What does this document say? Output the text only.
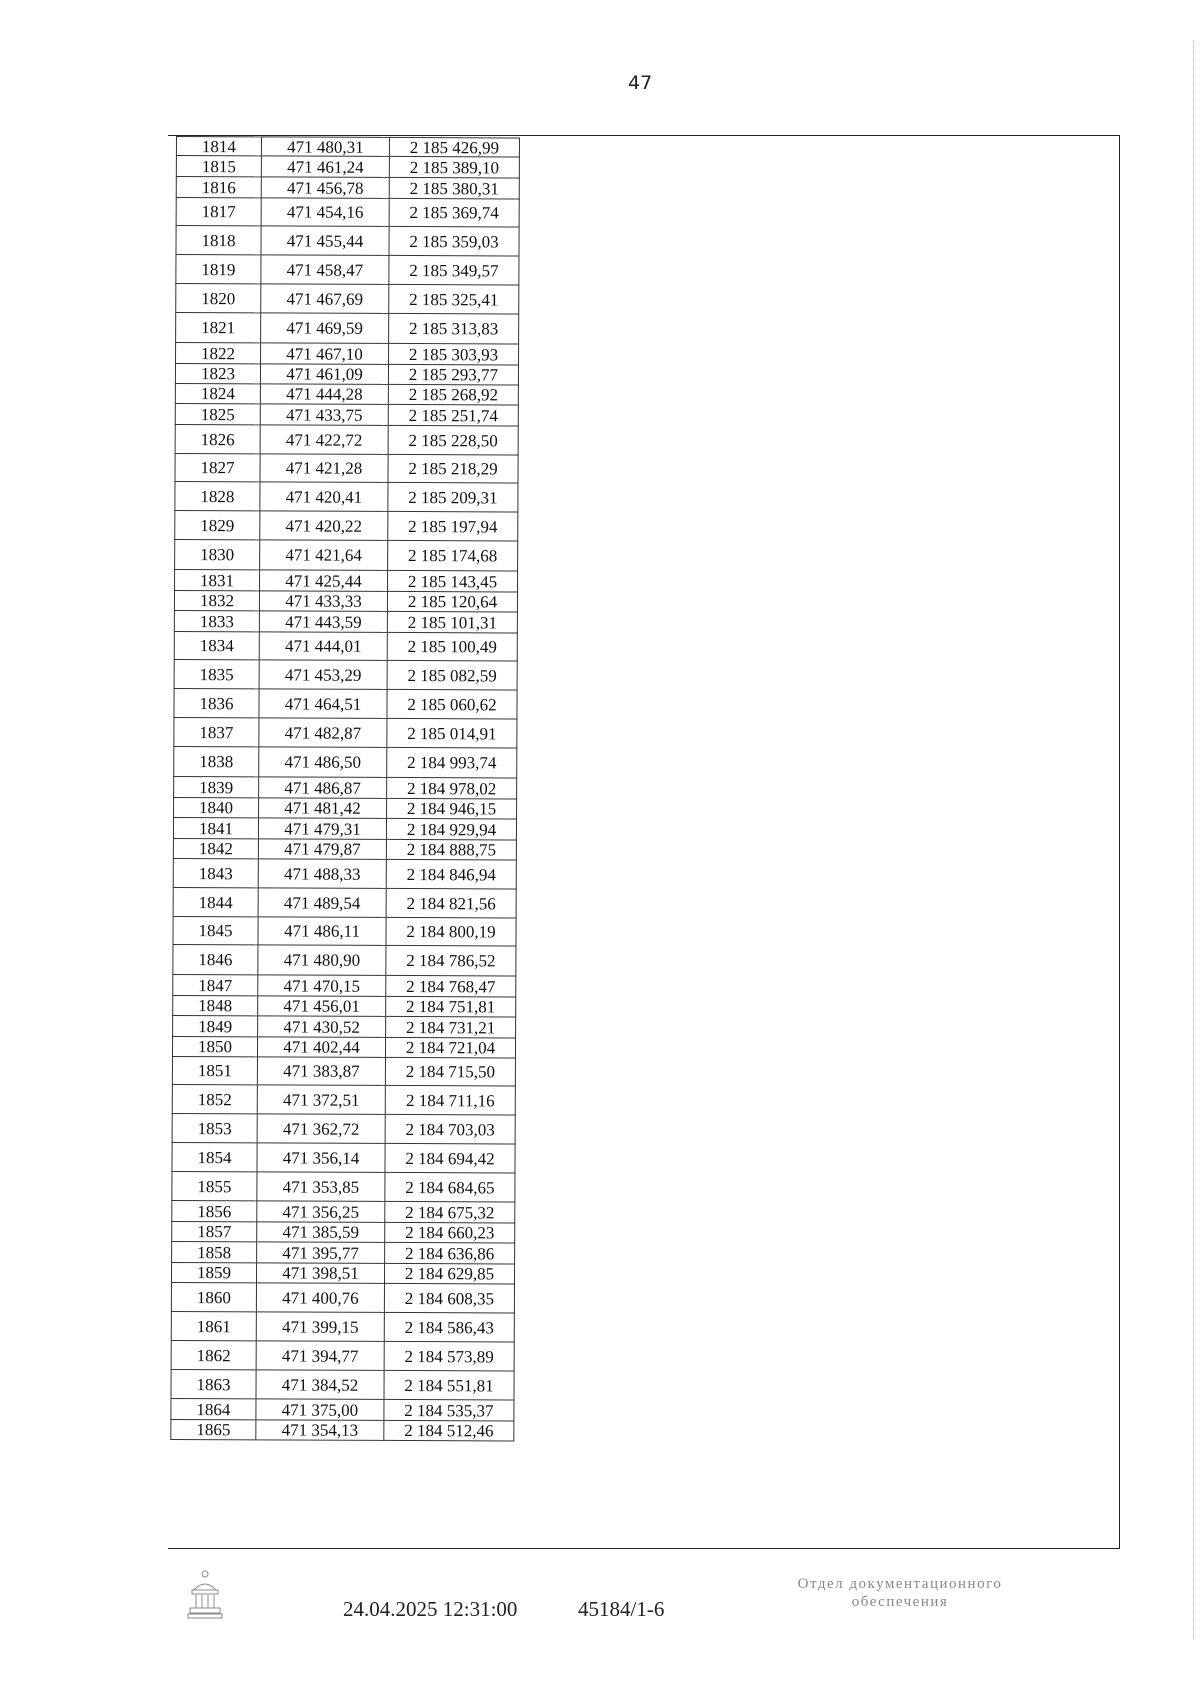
47
1814	471 480,31	2 185 426,99
1815	471 461,24	2 185 389,10
1816	471 456,78	2 185 380,31
1817	471 454,16	2 185 369,74
1818	471 455,44	2 185 359,03
1819	471 458,47	2 185 349,57
1820	471 467,69	2 185 325,41
1821	471 469,59	2 185 313,83
1822	471 467,10	2 185 303,93
1823	471 461,09	2 185 293,77
1824	471 444,28	2 185 268,92
1825	471 433,75	2 185 251,74
1826	471 422,72	2 185 228,50
1827	471 421,28	2 185 218,29
1828	471 420,41	2 185 209,31
1829	471 420,22	2 185 197,94
1830	471 421,64	2 185 174,68
1831	471 425,44	2 185 143,45
1832	471 433,33	2 185 120,64
1833	471 443,59	2 185 101,31
1834	471 444,01	2 185 100,49
1835	471 453,29	2 185 082,59
1836	471 464,51	2 185 060,62
1837	471 482,87	2 185 014,91
1838	471 486,50	2 184 993,74
1839	471 486,87	2 184 978,02
1840	471 481,42	2 184 946,15
1841	471 479,31	2 184 929,94
1842	471 479,87	2 184 888,75
1843	471 488,33	2 184 846,94
1844	471 489,54	2 184 821,56
1845	471 486,11	2 184 800,19
1846	471 480,90	2 184 786,52
1847	471 470,15	2 184 768,47
1848	471 456,01	2 184 751,81
1849	471 430,52	2 184 731,21
1850	471 402,44	2 184 721,04
1851	471 383,87	2 184 715,50
1852	471 372,51	2 184 711,16
1853	471 362,72	2 184 703,03
1854	471 356,14	2 184 694,42
1855	471 353,85	2 184 684,65
1856	471 356,25	2 184 675,32
1857	471 385,59	2 184 660,23
1858	471 395,77	2 184 636,86
1859	471 398,51	2 184 629,85
1860	471 400,76	2 184 608,35
1861	471 399,15	2 184 586,43
1862	471 394,77	2 184 573,89
1863	471 384,52	2 184 551,81
1864	471 375,00	2 184 535,37
1865	471 354,13	2 184 512,46
24.04.2025 12:31:00	45184/1-6
Отдел документационного
обеспечения
